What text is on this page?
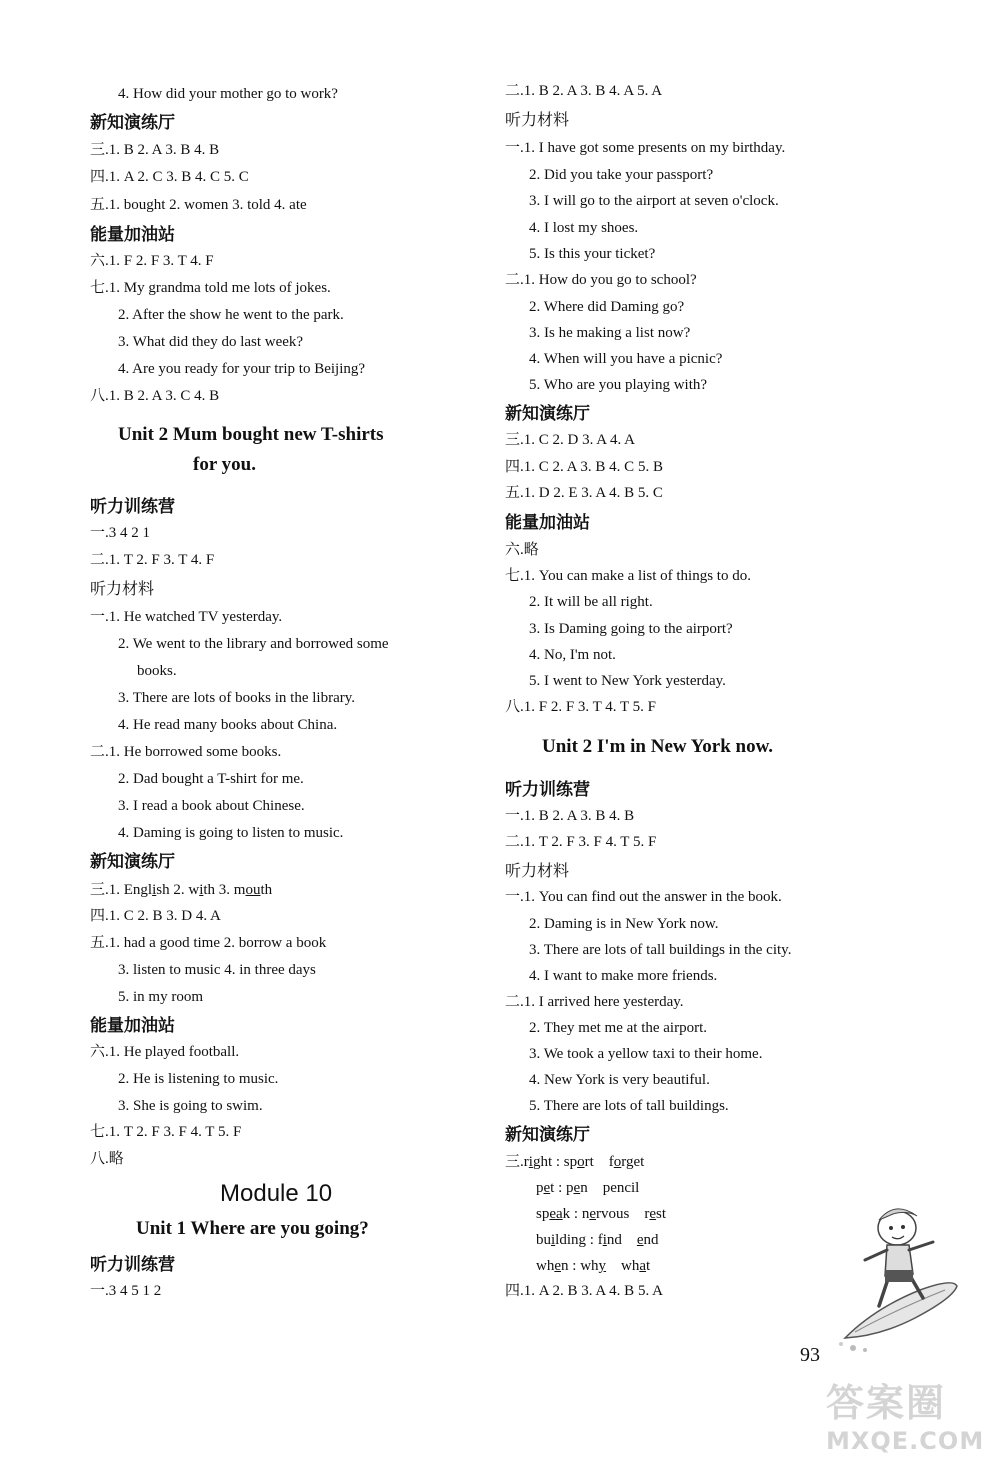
4. How did your mother go to work?
新知演练厅
三.1. B 2. A 3. B 4. B
四.1. A 2. C 3. B 4. C 5. C
五.1. bought 2. women 3. told 4. ate
能量加油站
六.1. F 2. F 3. T 4. F
七.1. My grandma told me lots of jokes.
2. After the show he went to the park.
3. What did they do last week?
4. Are you ready for your trip to Beijing?
八.1. B 2. A 3. C 4. B
Unit 2 Mum bought new T-shirts
for you.
听力训练营
一.3 4 2 1
二.1. T 2. F 3. T 4. F
听力材料
一.1. He watched TV yesterday.
2. We went to the library and borrowed some
books.
3. There are lots of books in the library.
4. He read many books about China.
二.1. He borrowed some books.
2. Dad bought a T-shirt for me.
3. I read a book about Chinese.
4. Daming is going to listen to music.
新知演练厅
三.1. English 2. with 3. mouth
四.1. C 2. B 3. D 4. A
五.1. had a good time 2. borrow a book
3. listen to music 4. in three days
5. in my room
能量加油站
六.1. He played football.
2. He is listening to music.
3. She is going to swim.
七.1. T 2. F 3. F 4. T 5. F
八.略
Module 10
Unit 1 Where are you going?
听力训练营
一.3 4 5 1 2
二.1. B 2. A 3. B 4. A 5. A
听力材料
一.1. I have got some presents on my birthday.
2. Did you take your passport?
3. I will go to the airport at seven o'clock.
4. I lost my shoes.
5. Is this your ticket?
二.1. How do you go to school?
2. Where did Daming go?
3. Is he making a list now?
4. When will you have a picnic?
5. Who are you playing with?
新知演练厅
三.1. C 2. D 3. A 4. A
四.1. C 2. A 3. B 4. C 5. B
五.1. D 2. E 3. A 4. B 5. C
能量加油站
六.略
七.1. You can make a list of things to do.
2. It will be all right.
3. Is Daming going to the airport?
4. No, I'm not.
5. I went to New York yesterday.
八.1. F 2. F 3. T 4. T 5. F
Unit 2 I'm in New York now.
听力训练营
一.1. B 2. A 3. B 4. B
二.1. T 2. F 3. F 4. T 5. F
听力材料
一.1. You can find out the answer in the book.
2. Daming is in New York now.
3. There are lots of tall buildings in the city.
4. I want to make more friends.
二.1. I arrived here yesterday.
2. They met me at the airport.
3. We took a yellow taxi to their home.
4. New York is very beautiful.
5. There are lots of tall buildings.
新知演练厅
三.right : sport forget
pet : pen pencil
speak : nervous rest
building : find end
when : why what
四.1. A 2. B 3. A 4. B 5. A
93
答案圈
MXQE.COM
